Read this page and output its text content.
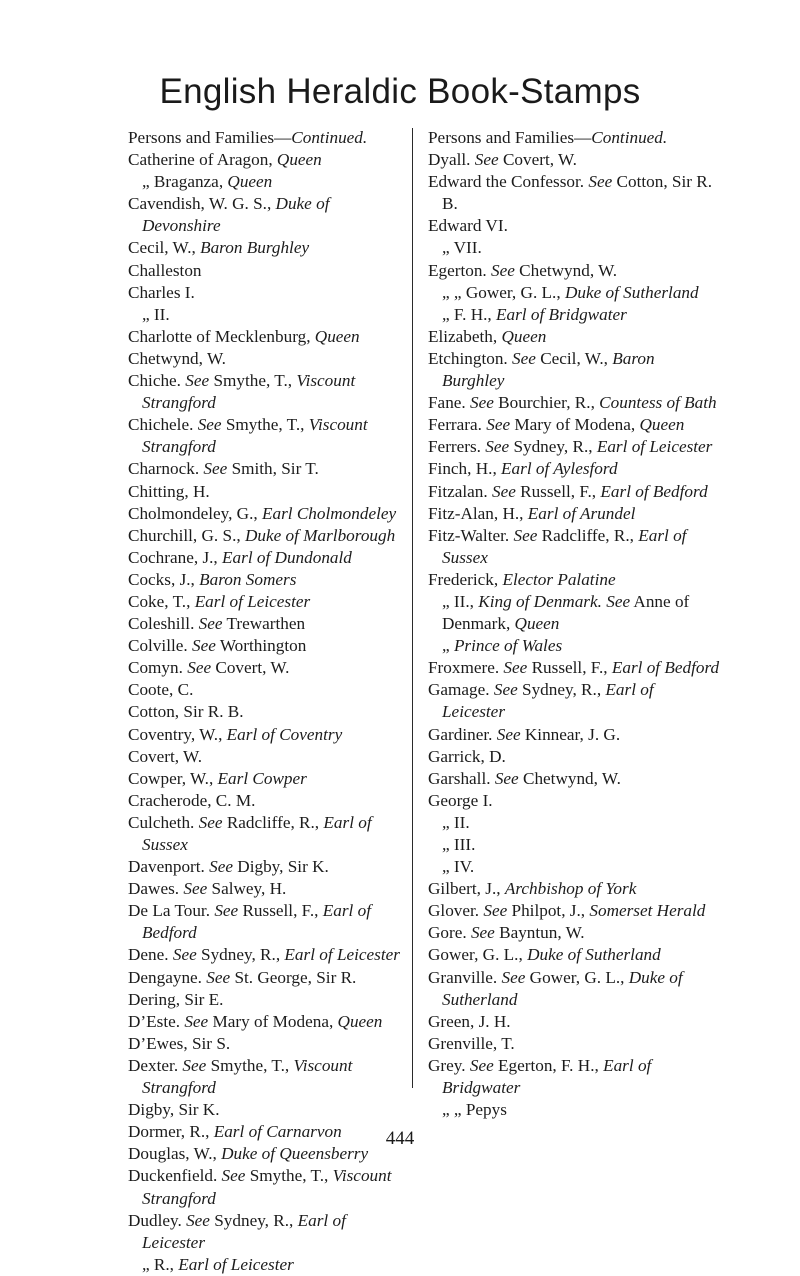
English Heraldic Book-Stamps
Persons and Families—Continued.
Catherine of Aragon, Queen
„ Braganza, Queen
Cavendish, W. G. S., Duke of Devonshire
Cecil, W., Baron Burghley
Challeston
Charles I.
„ II.
Charlotte of Mecklenburg, Queen
Chetwynd, W.
Chiche. See Smythe, T., Viscount Strangford
Chichele. See Smythe, T., Viscount Strangford
Charnock. See Smith, Sir T.
Chitting, H.
Cholmondeley, G., Earl Cholmondeley
Churchill, G. S., Duke of Marlborough
Cochrane, J., Earl of Dundonald
Cocks, J., Baron Somers
Coke, T., Earl of Leicester
Coleshill. See Trewarthen
Colville. See Worthington
Comyn. See Covert, W.
Coote, C.
Cotton, Sir R. B.
Coventry, W., Earl of Coventry
Covert, W.
Cowper, W., Earl Cowper
Cracherode, C. M.
Culcheth. See Radcliffe, R., Earl of Sussex
Davenport. See Digby, Sir K.
Dawes. See Salwey, H.
De La Tour. See Russell, F., Earl of Bedford
Dene. See Sydney, R., Earl of Leicester
Dengayne. See St. George, Sir R.
Dering, Sir E.
D’Este. See Mary of Modena, Queen
D’Ewes, Sir S.
Dexter. See Smythe, T., Viscount Strangford
Digby, Sir K.
Dormer, R., Earl of Carnarvon
Douglas, W., Duke of Queensberry
Duckenfield. See Smythe, T., Viscount Strangford
Dudley. See Sydney, R., Earl of Leicester
„ R., Earl of Leicester
Persons and Families—Continued.
Dyall. See Covert, W.
Edward the Confessor. See Cotton, Sir R. B.
Edward VI.
„ VII.
Egerton. See Chetwynd, W.
„ „ Gower, G. L., Duke of Sutherland
„ F. H., Earl of Bridgwater
Elizabeth, Queen
Etchington. See Cecil, W., Baron Burghley
Fane. See Bourchier, R., Countess of Bath
Ferrara. See Mary of Modena, Queen
Ferrers. See Sydney, R., Earl of Leicester
Finch, H., Earl of Aylesford
Fitzalan. See Russell, F., Earl of Bedford
Fitz-Alan, H., Earl of Arundel
Fitz-Walter. See Radcliffe, R., Earl of Sussex
Frederick, Elector Palatine
„ II., King of Denmark. See Anne of Denmark, Queen
„ Prince of Wales
Froxmere. See Russell, F., Earl of Bedford
Gamage. See Sydney, R., Earl of Leicester
Gardiner. See Kinnear, J. G.
Garrick, D.
Garshall. See Chetwynd, W.
George I.
„ II.
„ III.
„ IV.
Gilbert, J., Archbishop of York
Glover. See Philpot, J., Somerset Herald
Gore. See Bayntun, W.
Gower, G. L., Duke of Sutherland
Granville. See Gower, G. L., Duke of Sutherland
Green, J. H.
Grenville, T.
Grey. See Egerton, F. H., Earl of Bridgwater
„ „ Pepys
444
